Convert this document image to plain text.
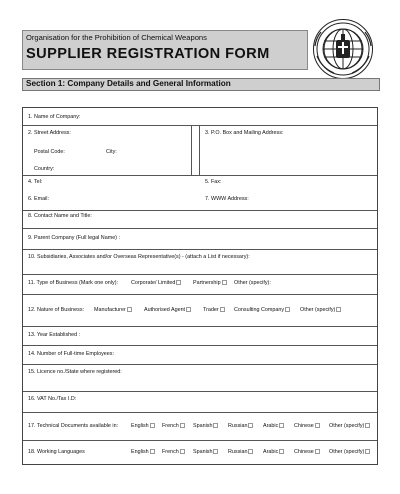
Organisation for the Prohibition of Chemical Weapons
SUPPLIER REGISTRATION FORM
Section 1: Company Details and General Information
1. Name of Company:
2. Street Address:
Postal Code:	City:
Country:
3. P.O. Box and Mailing Address:
4. Tel:	5. Fax:
6. Email:	7. WWW Address:
8. Contact Name and Title:
9. Parent Company (Full legal Name) :
10. Subsidiaries, Associates and/or Overseas Representative(s) - (attach a List if necessary):
11. Type of Business (Mark one only): Corporate/ Limited	Partnership	Other (specify):
12. Nature of Business: Manufacturer	Authorised Agent	Trader	Consulting Company	Other (specify)
13. Year Established :
14. Number of Full-time Employees:
15. Licence no./State where registered:
16. VAT No./Tax I.D:
17. Technical Documents available in: English	French	Spanish	Russian	Arabic	Chinese	Other (specify)
18. Working Languages	English	French	Spanish	Russian	Arabic	Chinese	Other (specify)
